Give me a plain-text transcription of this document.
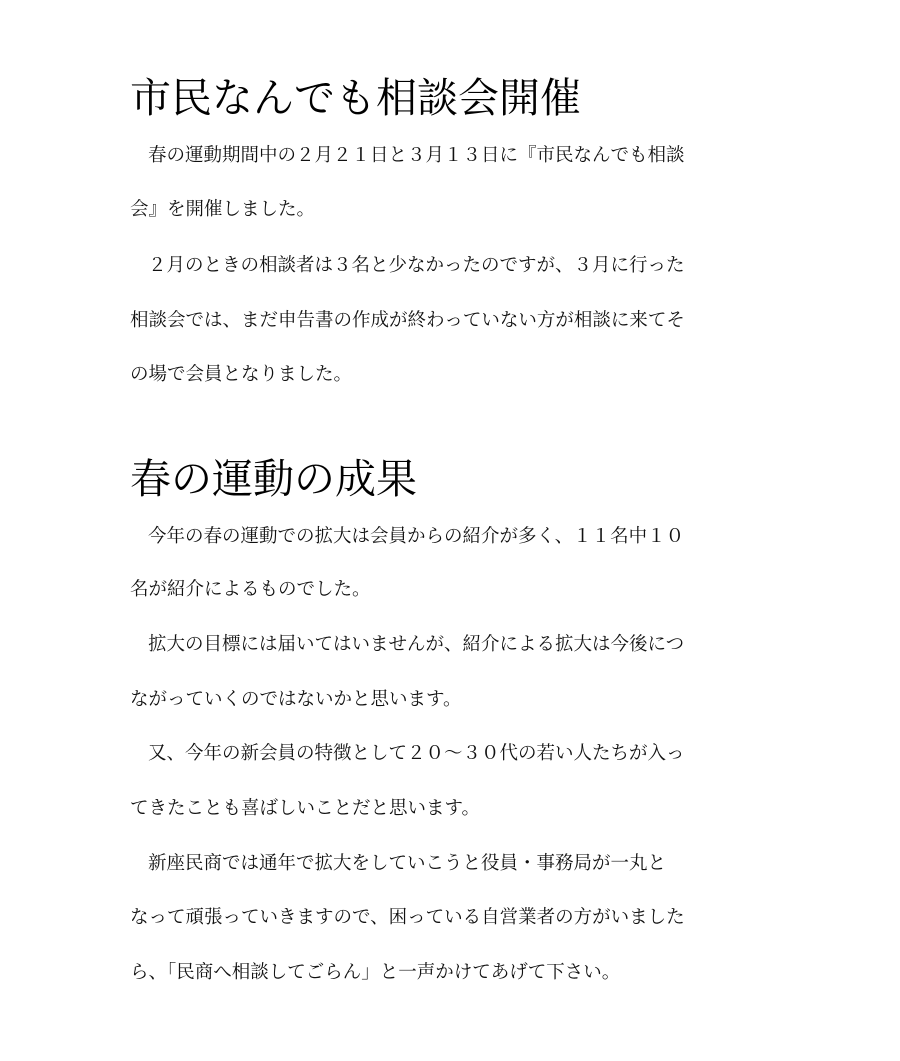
市民なんでも相談会開催

春の運動期間中の２月２１日と３月１３日に『市民なんでも相談

会』を開催しました。

２月のときの相談者は３名と少なかったのですが、３月に行った

相談会では、まだ申告書の作成が終わっていない方が相談に来てそ

の場で会員となりました。

春の運動の成果

今年の春の運動での拡大は会員からの紹介が多く、１１名中１０

名が紹介によるものでした。

拡大の目標には届いてはいませんが、紹介による拡大は今後につ

ながっていくのではないかと思います。

又、今年の新会員の特徴として２０～３０代の若い人たちが入っ

てきたことも喜ばしいことだと思います。

新座民商では通年で拡大をしていこうと役員・事務局が一丸と

なって頑張っていきますので、困っている自営業者の方がいました

ら、「民商へ相談してごらん」と一声かけてあげて下さい。
